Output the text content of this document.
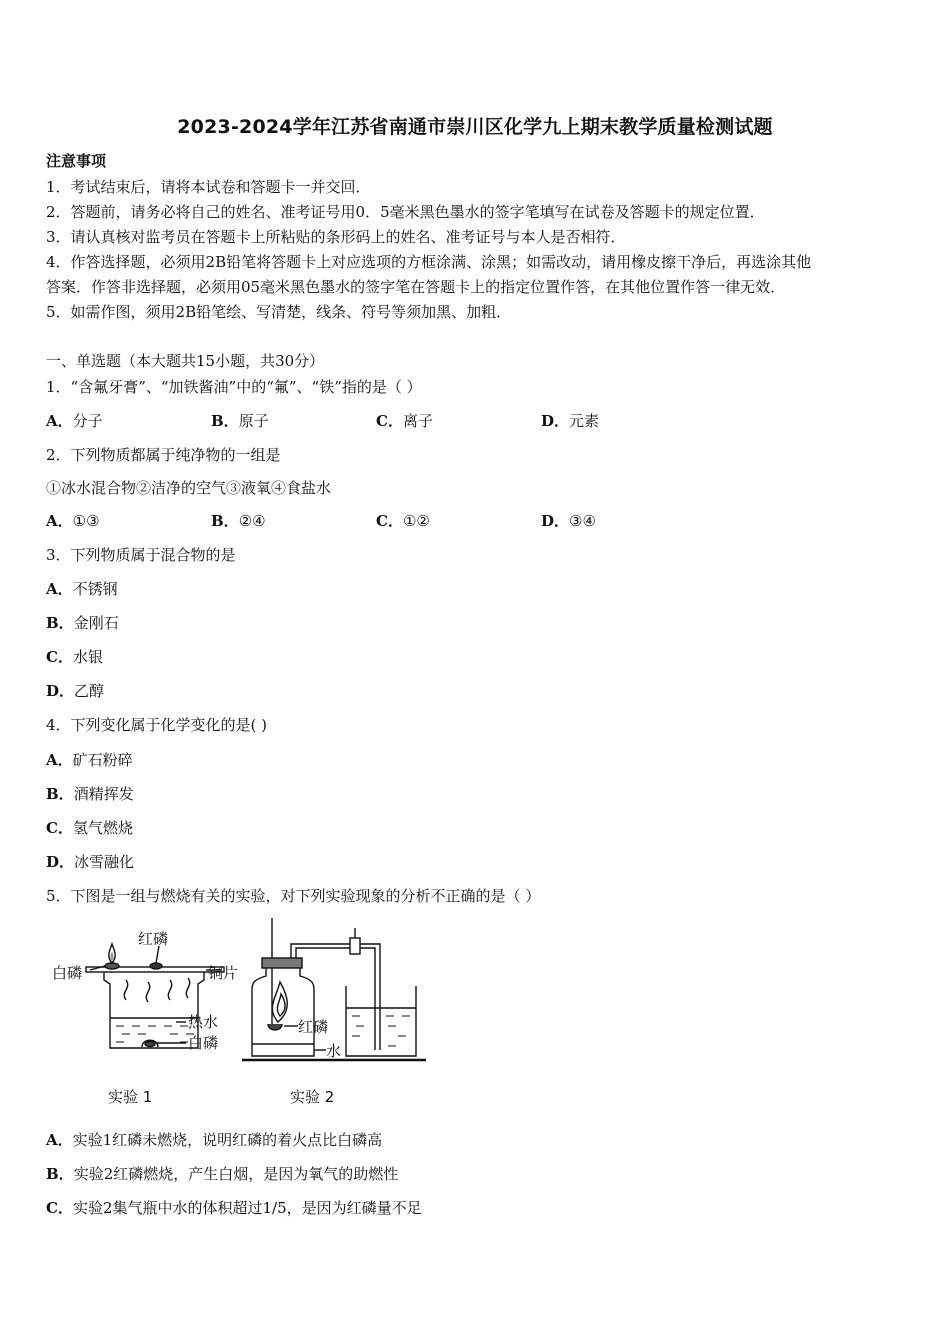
2023-2024学年江苏省南通市崇川区化学九上期末教学质量检测试题
注意事项
1．考试结束后，请将本试卷和答题卡一并交回．
2．答题前，请务必将自己的姓名、准考证号用0．5毫米黑色墨水的签字笔填写在试卷及答题卡的规定位置．
3．请认真核对监考员在答题卡上所粘贴的条形码上的姓名、准考证号与本人是否相符．
4．作答选择题，必须用2B铅笔将答题卡上对应选项的方框涂满、涂黑；如需改动，请用橡皮擦干净后，再选涂其他
答案．作答非选择题，必须用05毫米黑色墨水的签字笔在答题卡上的指定位置作答，在其他位置作答一律无效．
5．如需作图，须用2B铅笔绘、写清楚，线条、符号等须加黑、加粗．
一、单选题（本大题共15小题，共30分）
1．“含氟牙膏”、“加铁酱油”中的“氟”、“铁”指的是（ ）
A．分子	B．原子	C．离子	D．元素
2．下列物质都属于纯净物的一组是
①冰水混合物②洁净的空气③液氧④食盐水
A．①③	B．②④	C．①②	D．③④
3．下列物质属于混合物的是
A．不锈钢
B．金刚石
C．水银
D．乙醇
4．下列变化属于化学变化的是( )
A．矿石粉碎
B．酒精挥发
C．氢气燃烧
D．冰雪融化
5．下图是一组与燃烧有关的实验，对下列实验现象的分析不正确的是（ ）
红磷
白磷	铜片
热水
白磷
实验 1
红磷
水
实验 2
A．实验1红磷未燃烧，说明红磷的着火点比白磷高
B．实验2红磷燃烧，产生白烟，是因为氧气的助燃性
C．实验2集气瓶中水的体积超过1/5，是因为红磷量不足
